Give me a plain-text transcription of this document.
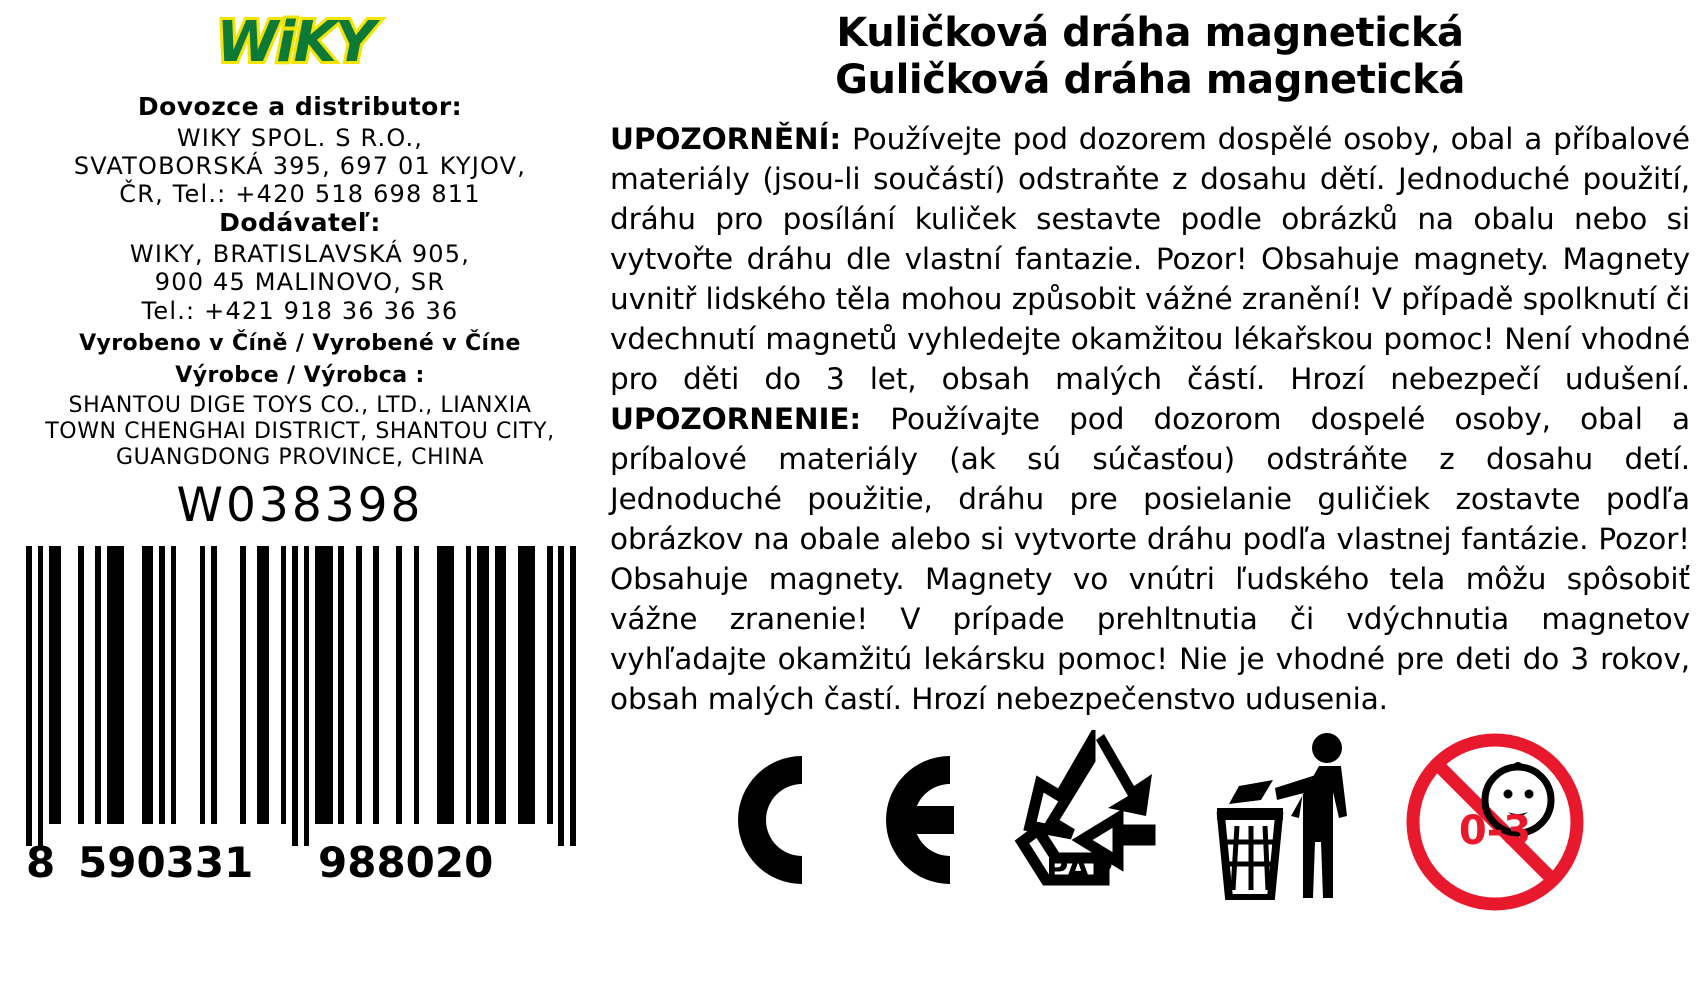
WiKY

Dovozce a distributor:

WIKY SPOL. S R.O.,

SVATOBORSKÁ 395, 697 01 KYJOV,

ČR, Tel.: +420 518 698 811

Dodávateľ:

WIKY, BRATISLAVSKÁ 905,

900 45 MALINOVO, SR

Tel.: +421 918 36 36 36

Vyrobeno v Číně / Vyrobené v Číne

Výrobce / Výrobca :

SHANTOU DIGE TOYS CO., LTD., LIANXIA

TOWN CHENGHAI DISTRICT, SHANTOU CITY,

GUANGDONG PROVINCE, CHINA

W038398
8 590331 988020
Kuličková dráha magnetická
Guličková dráha magnetická

UPOZORNĚNÍ: Používejte pod dozorem dospělé osoby, obal a příbalové materiály (jsou-li součástí) odstraňte z dosahu dětí. Jednoduché použití, dráhu pro posílání kuliček sestavte podle obrázků na obalu nebo si vytvořte dráhu dle vlastní fantazie. Pozor! Obsahuje magnety. Magnety uvnitř lidského těla mohou způsobit vážné zranění! V případě spolknutí či vdechnutí magnetů vyhledejte okamžitou lékařskou pomoc! Není vhodné pro děti do 3 let, obsah malých částí. Hrozí nebezpečí udušení. UPOZORNENIE: Používajte pod dozorom dospelé osoby, obal a príbalové materiály (ak sú súčasťou) odstráňte z dosahu detí. Jednoduché použitie, dráhu pre posielanie guličiek zostavte podľa obrázkov na obale alebo si vytvorte dráhu podľa vlastnej fantázie. Pozor! Obsahuje magnety. Magnety vo vnútri ľudského tela môžu spôsobiť vážne zranenie! V prípade prehltnutia či vdýchnutia magnetov vyhľadajte okamžitú lekársku pomoc! Nie je vhodné pre deti do 3 rokov, obsah malých častí. Hrozí nebezpečenstvo udusenia.

PAP
0-3
